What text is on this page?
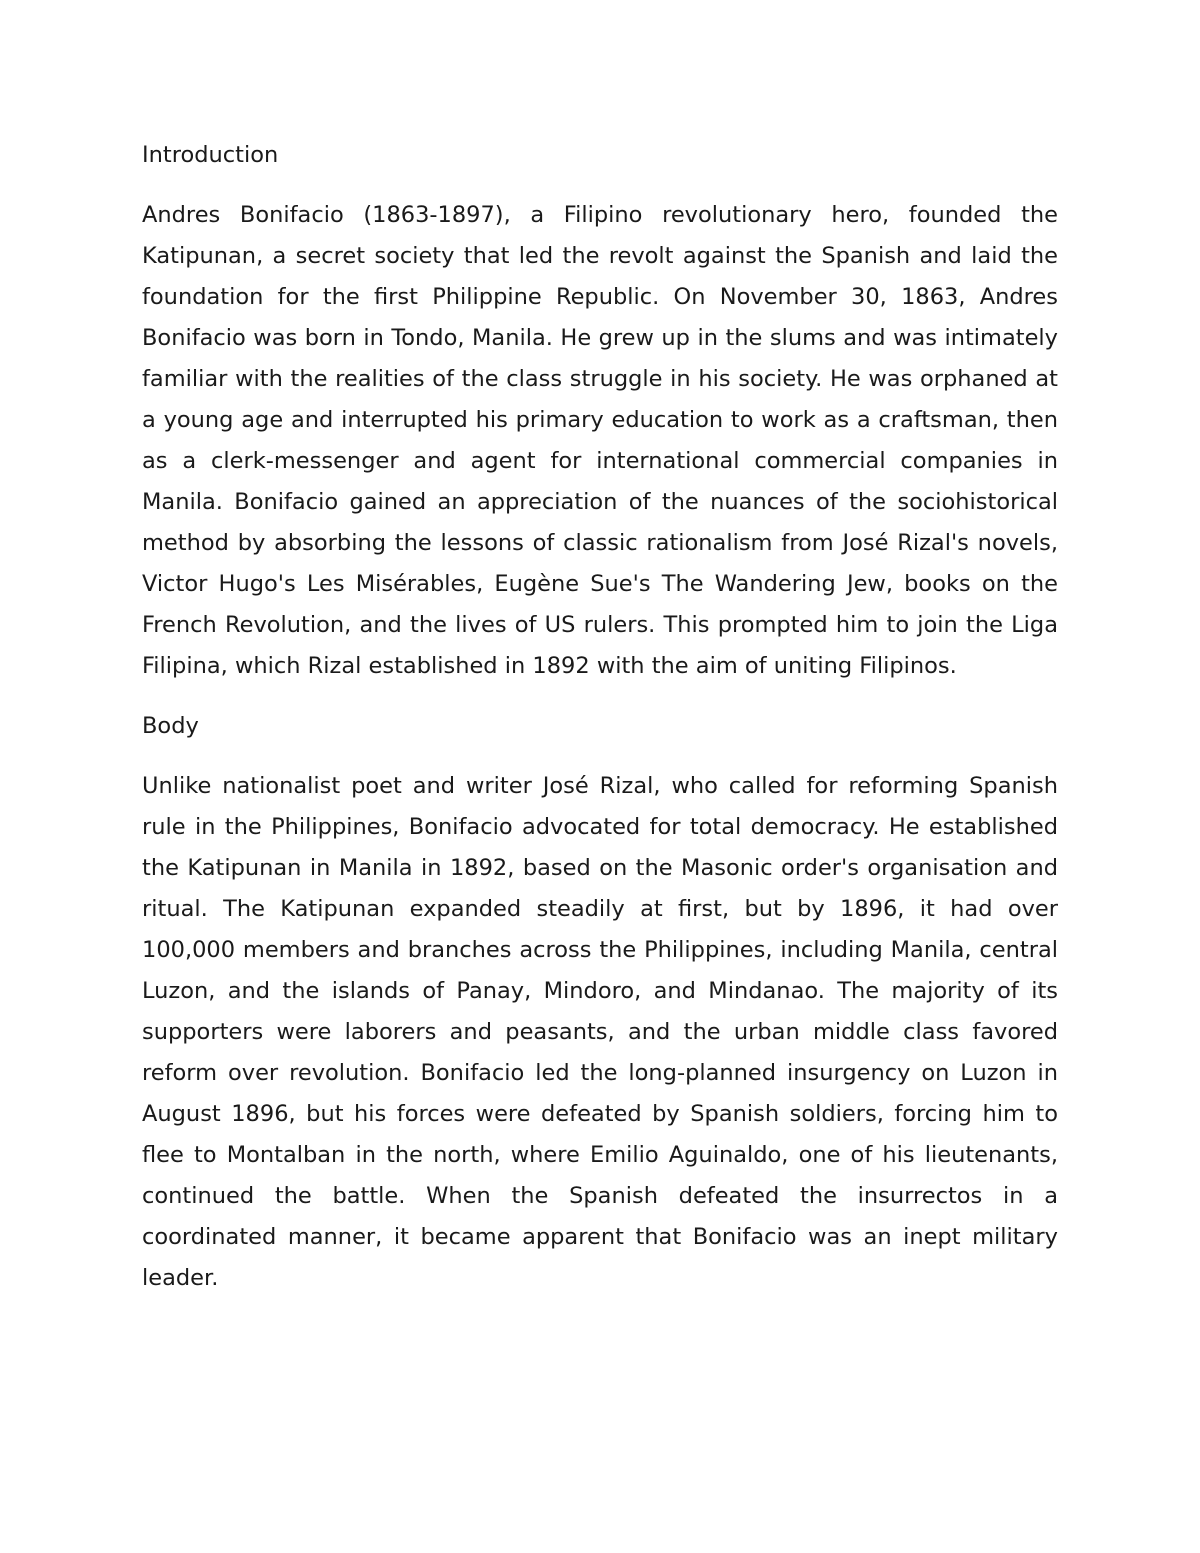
Introduction
Andres Bonifacio (1863-1897), a Filipino revolutionary hero, founded the Katipunan, a secret society that led the revolt against the Spanish and laid the foundation for the first Philippine Republic. On November 30, 1863, Andres Bonifacio was born in Tondo, Manila. He grew up in the slums and was intimately familiar with the realities of the class struggle in his society. He was orphaned at a young age and interrupted his primary education to work as a craftsman, then as a clerk-messenger and agent for international commercial companies in Manila. Bonifacio gained an appreciation of the nuances of the sociohistorical method by absorbing the lessons of classic rationalism from José Rizal's novels, Victor Hugo's Les Misérables, Eugène Sue's The Wandering Jew, books on the French Revolution, and the lives of US rulers. This prompted him to join the Liga Filipina, which Rizal established in 1892 with the aim of uniting Filipinos.
Body
Unlike nationalist poet and writer José Rizal, who called for reforming Spanish rule in the Philippines, Bonifacio advocated for total democracy. He established the Katipunan in Manila in 1892, based on the Masonic order's organisation and ritual. The Katipunan expanded steadily at first, but by 1896, it had over 100,000 members and branches across the Philippines, including Manila, central Luzon, and the islands of Panay, Mindoro, and Mindanao. The majority of its supporters were laborers and peasants, and the urban middle class favored reform over revolution. Bonifacio led the long-planned insurgency on Luzon in August 1896, but his forces were defeated by Spanish soldiers, forcing him to flee to Montalban in the north, where Emilio Aguinaldo, one of his lieutenants, continued the battle. When the Spanish defeated the insurrectos in a coordinated manner, it became apparent that Bonifacio was an inept military leader.
